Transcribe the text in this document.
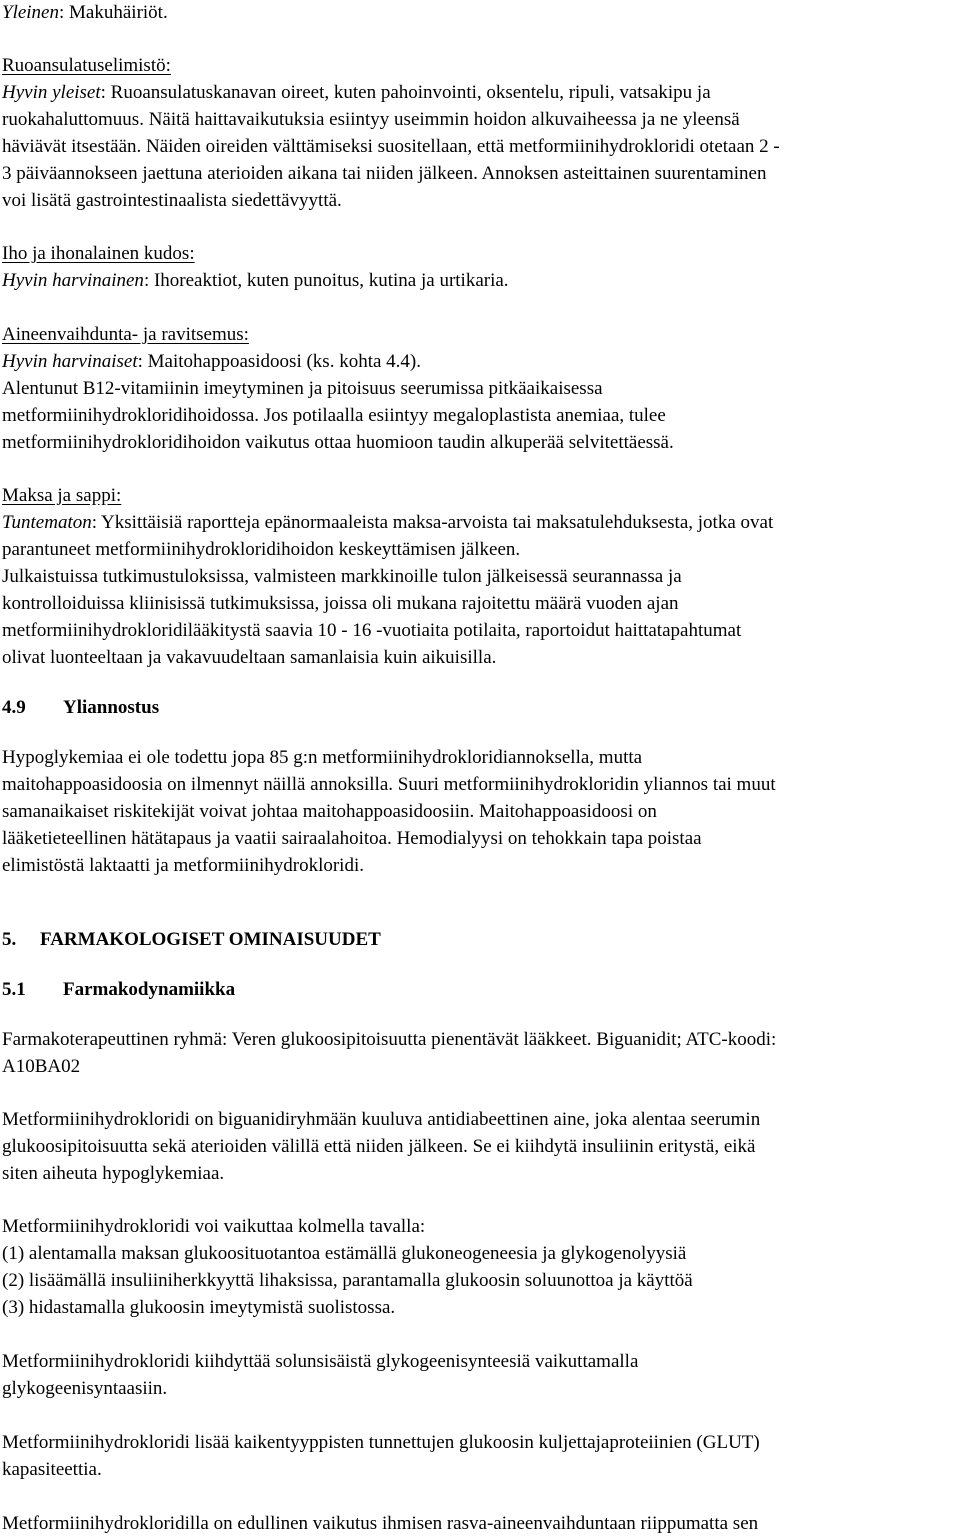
Yleinen: Makuhäiriöt.

Ruoansulatuselimistö:

Hyvin yleiset: Ruoansulatuskanavan oireet, kuten pahoinvointi, oksentelu, ripuli, vatsakipu ja

ruokahaluttomuus. Näitä haittavaikutuksia esiintyy useimmin hoidon alkuvaiheessa ja ne yleensä

häviävät itsestään. Näiden oireiden välttämiseksi suositellaan, että metformiinihydrokloridi otetaan 2 -

3 päiväannokseen jaettuna aterioiden aikana tai niiden jälkeen. Annoksen asteittainen suurentaminen

voi lisätä gastrointestinaalista siedettävyyttä.

Iho ja ihonalainen kudos:

Hyvin harvinainen: Ihoreaktiot, kuten punoitus, kutina ja urtikaria.

Aineenvaihdunta- ja ravitsemus:

Hyvin harvinaiset: Maitohappoasidoosi (ks. kohta 4.4).

Alentunut B12-vitamiinin imeytyminen ja pitoisuus seerumissa pitkäaikaisessa

metformiinihydrokloridihoidossa. Jos potilaalla esiintyy megaloplastista anemiaa, tulee

metformiinihydrokloridihoidon vaikutus ottaa huomioon taudin alkuperää selvitettäessä.

Maksa ja sappi:

Tuntematon: Yksittäisiä raportteja epänormaaleista maksa-arvoista tai maksatulehduksesta, jotka ovat

parantuneet metformiinihydrokloridihoidon keskeyttämisen jälkeen.

Julkaistuissa tutkimustuloksissa, valmisteen markkinoille tulon jälkeisessä seurannassa ja

kontrolloiduissa kliinisissä tutkimuksissa, joissa oli mukana rajoitettu määrä vuoden ajan

metformiinihydrokloridilääkitystä saavia 10 - 16 -vuotiaita potilaita, raportoidut haittatapahtumat

olivat luonteeltaan ja vakavuudeltaan samanlaisia kuin aikuisilla.

4.9 Yliannostus

Hypoglykemiaa ei ole todettu jopa 85 g:n metformiinihydrokloridiannoksella, mutta

maitohappoasidoosia on ilmennyt näillä annoksilla. Suuri metformiinihydrokloridin yliannos tai muut

samanaikaiset riskitekijät voivat johtaa maitohappoasidoosiin. Maitohappoasidoosi on

lääketieteellinen hätätapaus ja vaatii sairaalahoitoa. Hemodialyysi on tehokkain tapa poistaa

elimistöstä laktaatti ja metformiinihydrokloridi.

5. FARMAKOLOGISET OMINAISUUDET

5.1 Farmakodynamiikka

Farmakoterapeuttinen ryhmä: Veren glukoosipitoisuutta pienentävät lääkkeet. Biguanidit; ATC-koodi:

A10BA02

Metformiinihydrokloridi on biguanidiryhmään kuuluva antidiabeettinen aine, joka alentaa seerumin

glukoosipitoisuutta sekä aterioiden välillä että niiden jälkeen. Se ei kiihdytä insuliinin eritystä, eikä

siten aiheuta hypoglykemiaa.

Metformiinihydrokloridi voi vaikuttaa kolmella tavalla:

(1) alentamalla maksan glukoosituotantoa estämällä glukoneogeneesia ja glykogenolyysiä

(2) lisäämällä insuliiniherkkyyttä lihaksissa, parantamalla glukoosin soluunottoa ja käyttöä

(3) hidastamalla glukoosin imeytymistä suolistossa.

Metformiinihydrokloridi kiihdyttää solunsisäistä glykogeenisynteesiä vaikuttamalla

glykogeenisyntaasiin.

Metformiinihydrokloridi lisää kaikentyyppisten tunnettujen glukoosin kuljettajaproteiinien (GLUT)

kapasiteettia.

Metformiinihydrokloridilla on edullinen vaikutus ihmisen rasva-aineenvaihduntaan riippumatta sen
